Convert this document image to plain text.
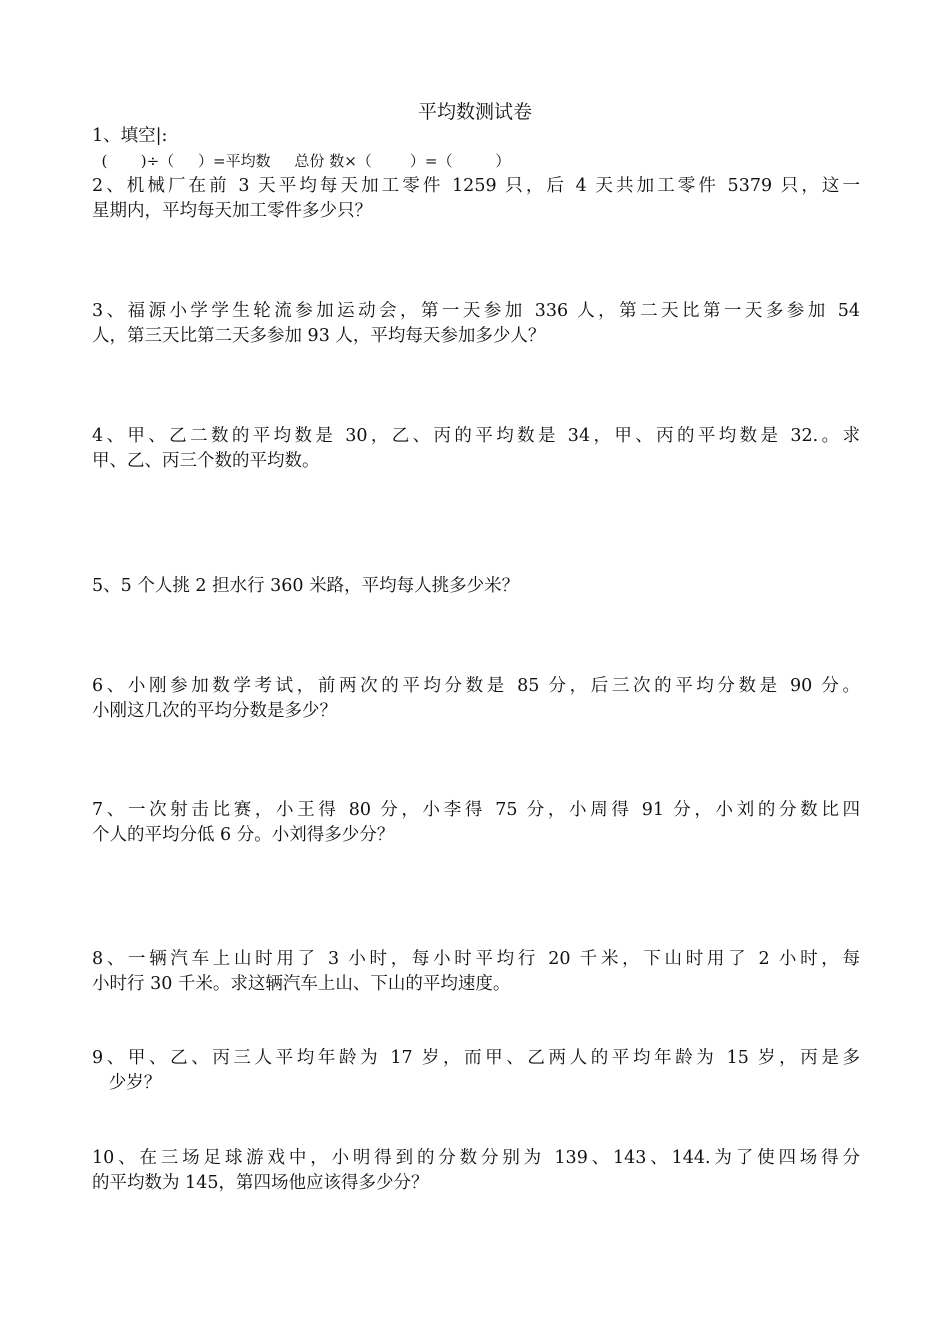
平均数测试卷
1、填空|:
(       )÷（     ）=平均数     总份 数×（        ）=（         ）
2、机械厂在前 3 天平均每天加工零件 1259 只，后 4 天共加工零件 5379 只，这一
星期内，平均每天加工零件多少只？
3、福源小学学生轮流参加运动会，第一天参加 336 人，第二天比第一天多参加 54
人，第三天比第二天多参加 93 人，平均每天参加多少人？
4、甲、乙二数的平均数是 30，乙、丙的平均数是 34，甲、丙的平均数是 32.。求
甲、乙、丙三个数的平均数。
5、5 个人挑 2 担水行 360 米路，平均每人挑多少米？
6、小刚参加数学考试，前两次的平均分数是 85 分，后三次的平均分数是 90 分。
小刚这几次的平均分数是多少？
7、一次射击比赛，小王得 80 分，小李得 75 分，小周得 91 分，小刘的分数比四
个人的平均分低 6 分。小刘得多少分？
8、一辆汽车上山时用了 3 小时，每小时平均行 20 千米，下山时用了 2 小时，每
小时行 30 千米。求这辆汽车上山、下山的平均速度。
9、甲、乙、丙三人平均年龄为 17 岁，而甲、乙两人的平均年龄为 15 岁，丙是多
少岁？
10、在三场足球游戏中，小明得到的分数分别为 139、143、144.为了使四场得分
的平均数为 145，第四场他应该得多少分？
